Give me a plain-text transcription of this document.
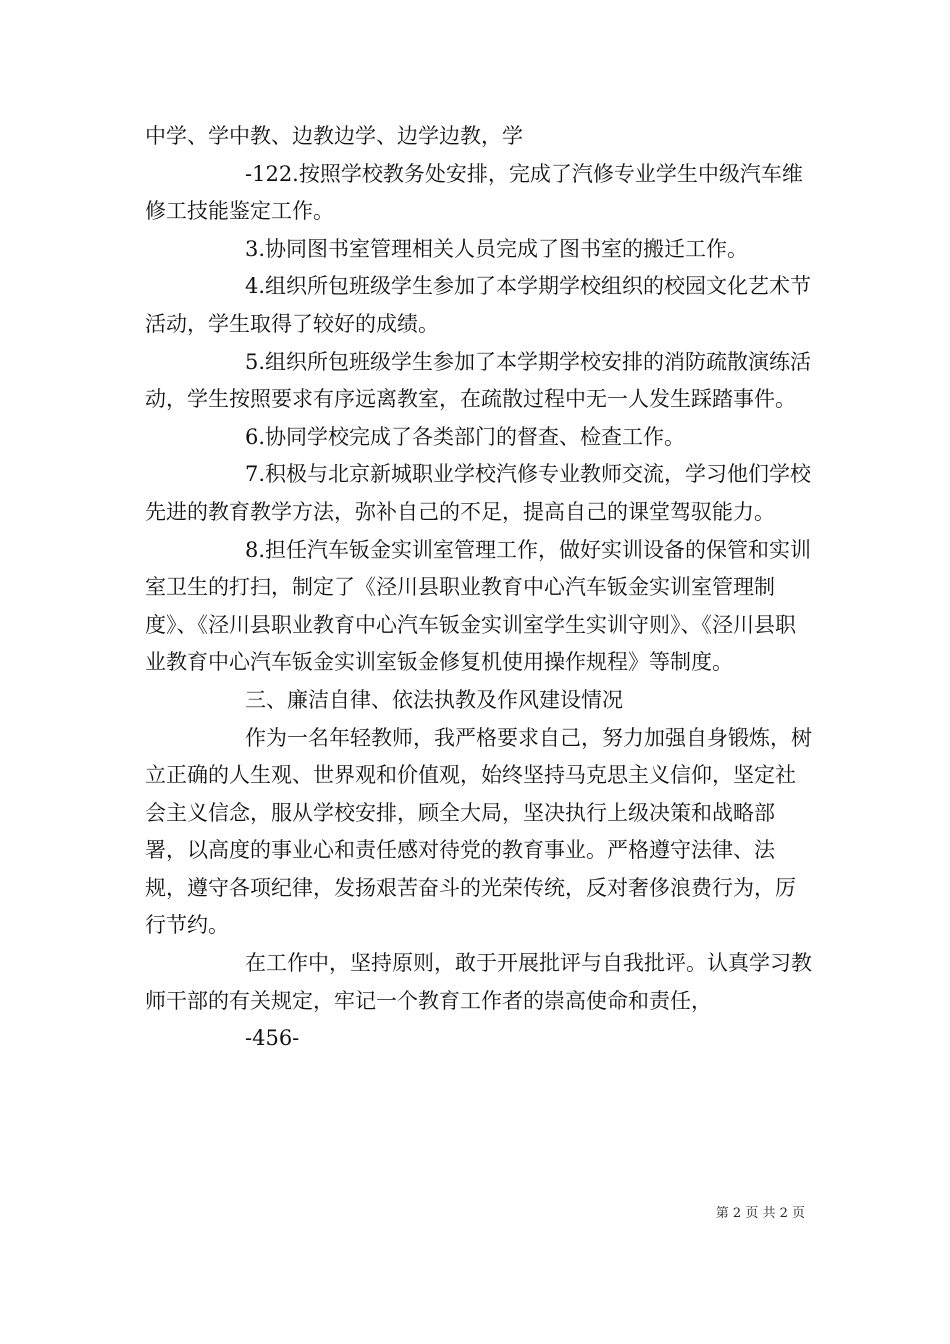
中学、学中教、边教边学、边学边教，学

-122.按照学校教务处安排，完成了汽修专业学生中级汽车维修工技能鉴定工作。

3.协同图书室管理相关人员完成了图书室的搬迁工作。

4.组织所包班级学生参加了本学期学校组织的校园文化艺术节活动，学生取得了较好的成绩。

5.组织所包班级学生参加了本学期学校安排的消防疏散演练活动，学生按照要求有序远离教室，在疏散过程中无一人发生踩踏事件。

6.协同学校完成了各类部门的督查、检查工作。

7.积极与北京新城职业学校汽修专业教师交流，学习他们学校先进的教育教学方法，弥补自己的不足，提高自己的课堂驾驭能力。

8.担任汽车钣金实训室管理工作，做好实训设备的保管和实训室卫生的打扫，制定了《泾川县职业教育中心汽车钣金实训室管理制度》、《泾川县职业教育中心汽车钣金实训室学生实训守则》、《泾川县职业教育中心汽车钣金实训室钣金修复机使用操作规程》等制度。

三、廉洁自律、依法执教及作风建设情况

作为一名年轻教师，我严格要求自己，努力加强自身锻炼，树立正确的人生观、世界观和价值观，始终坚持马克思主义信仰，坚定社会主义信念，服从学校安排，顾全大局，坚决执行上级决策和战略部署，以高度的事业心和责任感对待党的教育事业。严格遵守法律、法规，遵守各项纪律，发扬艰苦奋斗的光荣传统，反对奢侈浪费行为，厉行节约。

在工作中，坚持原则，敢于开展批评与自我批评。认真学习教师干部的有关规定，牢记一个教育工作者的崇高使命和责任，

-456-

第 2 页 共 2 页
